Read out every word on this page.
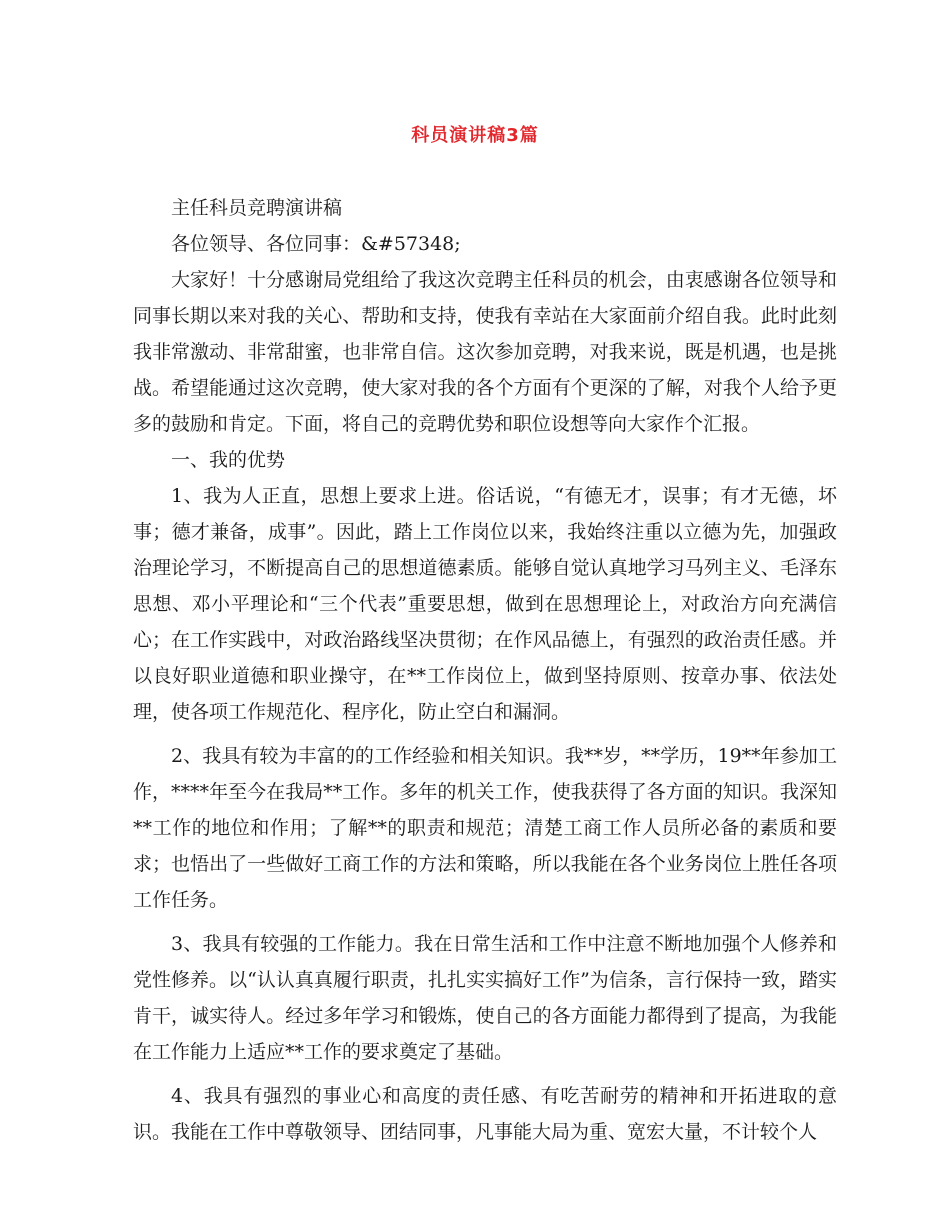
科员演讲稿3篇

主任科员竞聘演讲稿

各位领导、各位同事：&#57348;

大家好！十分感谢局党组给了我这次竞聘主任科员的机会，由衷感谢各位领导和同事长期以来对我的关心、帮助和支持，使我有幸站在大家面前介绍自我。此时此刻我非常激动、非常甜蜜，也非常自信。这次参加竞聘，对我来说，既是机遇，也是挑战。希望能通过这次竞聘，使大家对我的各个方面有个更深的了解，对我个人给予更多的鼓励和肯定。下面，将自己的竞聘优势和职位设想等向大家作个汇报。

一、我的优势

1、我为人正直，思想上要求上进。俗话说，“有德无才，误事；有才无德，坏事；德才兼备，成事”。因此，踏上工作岗位以来，我始终注重以立德为先，加强政治理论学习，不断提高自己的思想道德素质。能够自觉认真地学习马列主义、毛泽东思想、邓小平理论和“三个代表”重要思想，做到在思想理论上，对政治方向充满信心；在工作实践中，对政治路线坚决贯彻；在作风品德上，有强烈的政治责任感。并以良好职业道德和职业操守，在**工作岗位上，做到坚持原则、按章办事、依法处理，使各项工作规范化、程序化，防止空白和漏洞。

2、我具有较为丰富的的工作经验和相关知识。我**岁，**学历，19**年参加工作，****年至今在我局**工作。多年的机关工作，使我获得了各方面的知识。我深知**工作的地位和作用；了解**的职责和规范；清楚工商工作人员所必备的素质和要求；也悟出了一些做好工商工作的方法和策略，所以我能在各个业务岗位上胜任各项工作任务。

3、我具有较强的工作能力。我在日常生活和工作中注意不断地加强个人修养和党性修养。以“认认真真履行职责，扎扎实实搞好工作”为信条，言行保持一致，踏实肯干，诚实待人。经过多年学习和锻炼，使自己的各方面能力都得到了提高，为我能在工作能力上适应**工作的要求奠定了基础。

4、我具有强烈的事业心和高度的责任感、有吃苦耐劳的精神和开拓进取的意识。我能在工作中尊敬领导、团结同事，凡事能大局为重、宽宏大量，不计较个人
